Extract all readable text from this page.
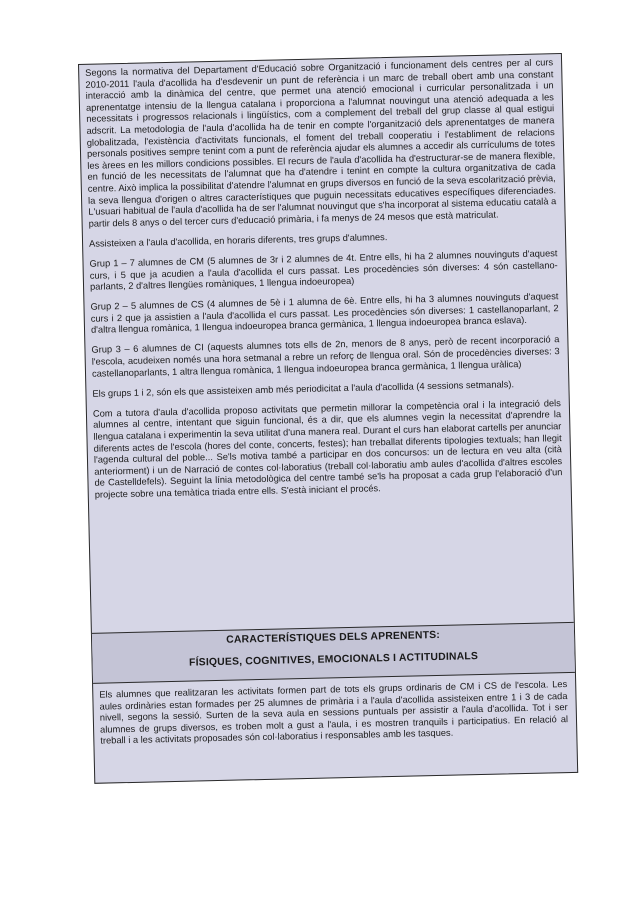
Segons la normativa del Departament d'Educació sobre Organització i funcionament dels centres per al curs 2010-2011 l'aula d'acollida ha d'esdevenir un punt de referència i un marc de treball obert amb una constant interacció amb la dinàmica del centre, que permet una atenció emocional i curricular personalitzada i un aprenentatge intensiu de la llengua catalana i proporciona a l'alumnat nouvingut una atenció adequada a les necessitats i progressos relacionals i lingüístics, com a complement del treball del grup classe al qual estigui adscrit. La metodologia de l'aula d'acollida ha de tenir en compte l'organització dels aprenentatges de manera globalitzada, l'existència d'activitats funcionals, el foment del treball cooperatiu i l'establiment de relacions personals positives sempre tenint com a punt de referència ajudar els alumnes a accedir als currículums de totes les àrees en les millors condicions possibles. El recurs de l'aula d'acollida ha d'estructurar-se de manera flexible, en funció de les necessitats de l'alumnat que ha d'atendre i tenint en compte la cultura organitzativa de cada centre. Això implica la possibilitat d'atendre l'alumnat en grups diversos en funció de la seva escolarització prèvia, la seva llengua d'origen o altres característiques que puguin necessitats educatives específiques diferenciades. L'usuari habitual de l'aula d'acollida ha de ser l'alumnat nouvingut que s'ha incorporat al sistema educatiu català a partir dels 8 anys o del tercer curs d'educació primària, i fa menys de 24 mesos que està matriculat.

Assisteixen a l'aula d'acollida, en horaris diferents, tres grups d'alumnes.

Grup 1 – 7 alumnes de CM (5 alumnes de 3r i 2 alumnes de 4t. Entre ells, hi ha 2 alumnes nouvinguts d'aquest curs, i 5 que ja acudien a l'aula d'acollida el curs passat. Les procedències són diverses: 4 són castellano-parlants, 2 d'altres llengües romàniques, 1 llengua indoeuropea)

Grup 2 – 5 alumnes de CS (4 alumnes de 5è i 1 alumna de 6è. Entre ells, hi ha 3 alumnes nouvinguts d'aquest curs i 2 que ja assistien a l'aula d'acollida el curs passat. Les procedències són diverses: 1 castellanoparlant, 2 d'altra llengua romànica, 1 llengua indoeuropea branca germànica, 1 llengua indoeuropea branca eslava).

Grup 3 – 6 alumnes de CI (aquests alumnes tots ells de 2n, menors de 8 anys, però de recent incorporació a l'escola, acudeixen només una hora setmanal a rebre un reforç de llengua oral. Són de procedències diverses: 3 castellanoparlants, 1 altra llengua romànica, 1 llengua indoeuropea branca germànica, 1 llengua uràlica)

Els grups 1 i 2, són els que assisteixen amb més periodicitat a l'aula d'acollida (4 sessions setmanals).

Com a tutora d'aula d'acollida proposo activitats que permetin millorar la competència oral i la integració dels alumnes al centre, intentant que siguin funcional, és a dir, que els alumnes vegin la necessitat d'aprendre la llengua catalana i experimentin la seva utilitat d'una manera real. Durant el curs han elaborat cartells per anunciar diferents actes de l'escola (hores del conte, concerts, festes); han treballat diferents tipologies textuals; han llegit l'agenda cultural del poble... Se'ls motiva també a participar en dos concursos: un de lectura en veu alta (cità anteriorment) i un de Narració de contes col·laboratius (treball col·laboratiu amb aules d'acollida d'altres escoles de Castelldefels). Seguint la línia metodològica del centre també se'ls ha proposat a cada grup l'elaboració d'un projecte sobre una temàtica triada entre ells. S'està iniciant el procés.

CARACTERÍSTIQUES DELS APRENENTS:
FÍSIQUES, COGNITIVES, EMOCIONALS I ACTITUDINALS

Els alumnes que realitzaran les activitats formen part de tots els grups ordinaris de CM i CS de l'escola. Les aules ordinàries estan formades per 25 alumnes de primària i a l'aula d'acollida assisteixen entre 1 i 3 de cada nivell, segons la sessió. Surten de la seva aula en sessions puntuals per assistir a l'aula d'acollida. Tot i ser alumnes de grups diversos, es troben molt a gust a l'aula, i es mostren tranquils i participatius. En relació al treball i a les activitats proposades són col·laboratius i responsables amb les tasques.
